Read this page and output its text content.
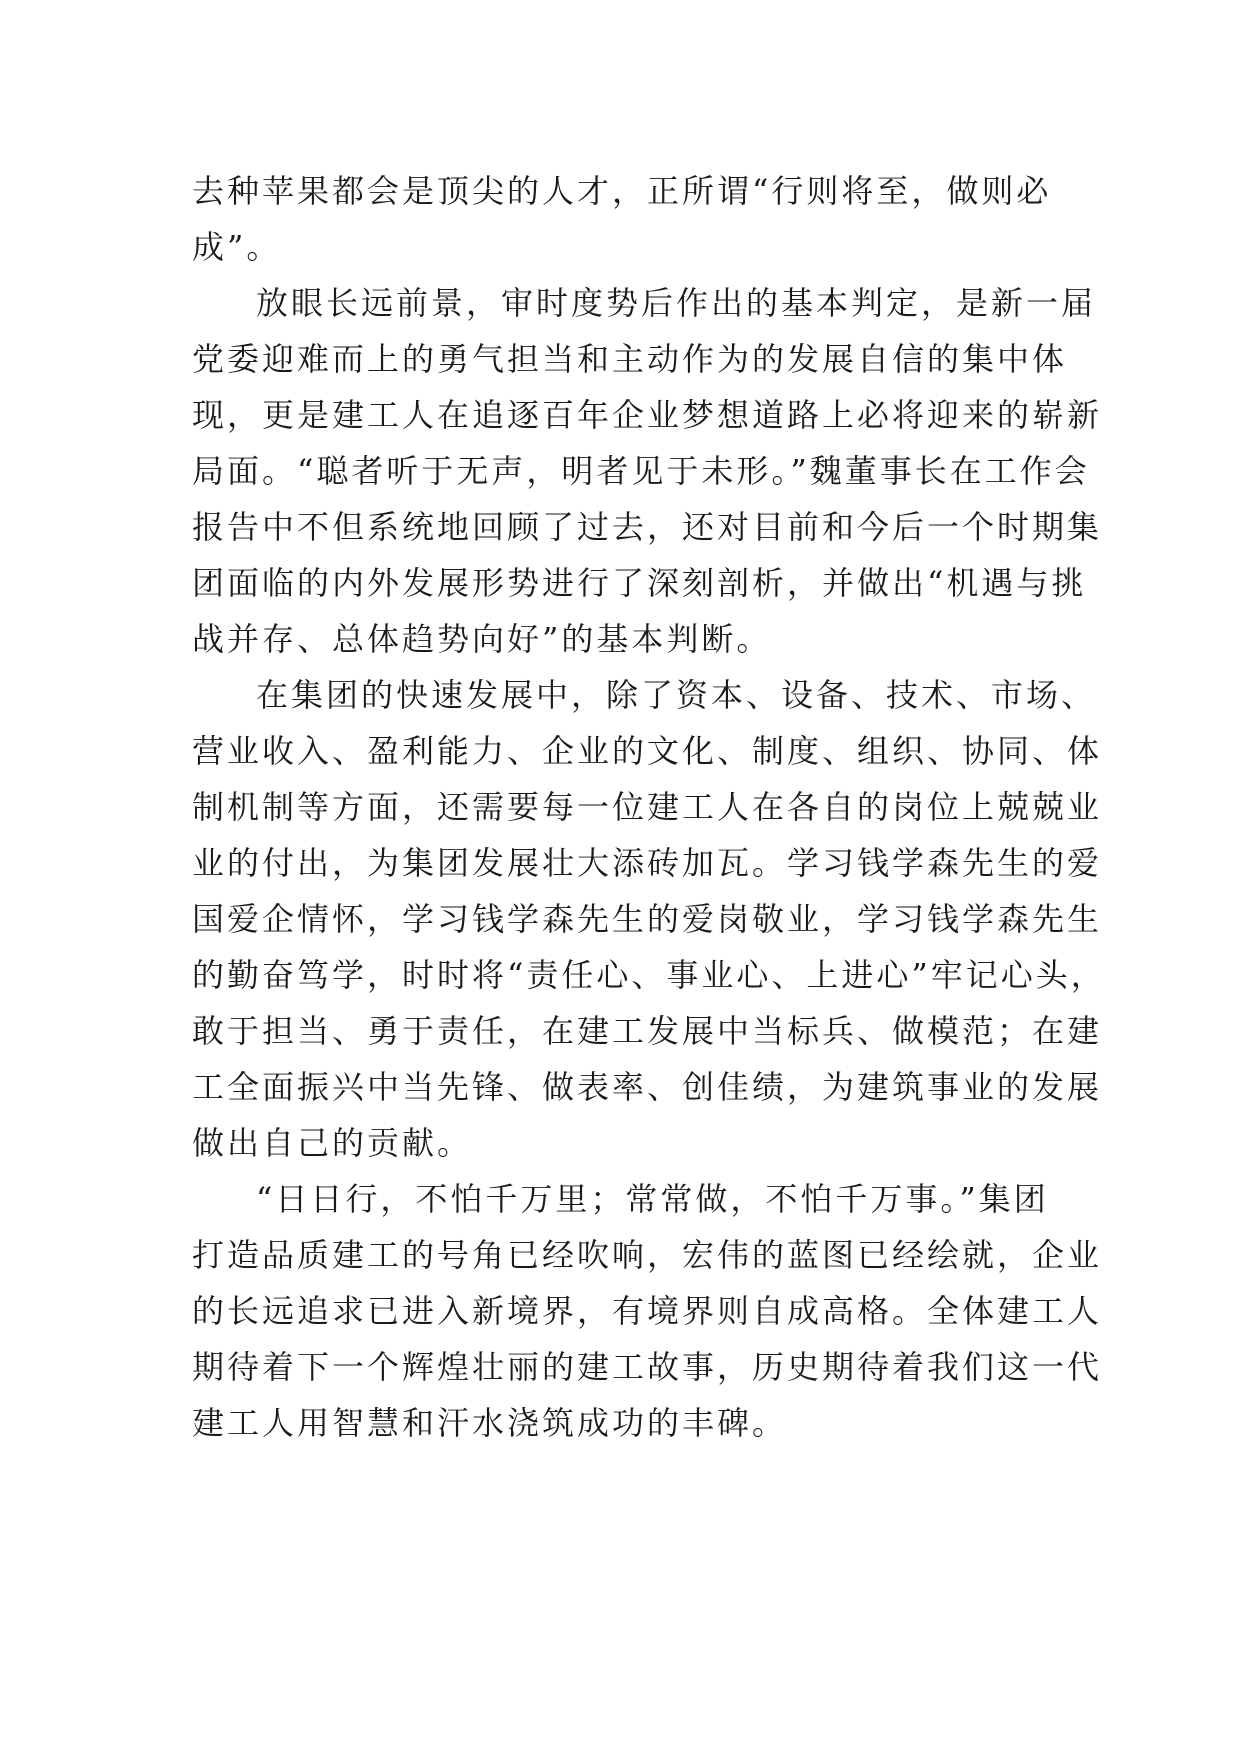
去种苹果都会是顶尖的人才，正所谓“行则将至，做则必
成”。
放眼长远前景，审时度势后作出的基本判定，是新一届
党委迎难而上的勇气担当和主动作为的发展自信的集中体
现，更是建工人在追逐百年企业梦想道路上必将迎来的崭新
局面。“聪者听于无声，明者见于未形。”魏董事长在工作会
报告中不但系统地回顾了过去，还对目前和今后一个时期集
团面临的内外发展形势进行了深刻剖析，并做出“机遇与挑
战并存、总体趋势向好”的基本判断。
在集团的快速发展中，除了资本、设备、技术、市场、
营业收入、盈利能力、企业的文化、制度、组织、协同、体
制机制等方面，还需要每一位建工人在各自的岗位上兢兢业
业的付出，为集团发展壮大添砖加瓦。学习钱学森先生的爱
国爱企情怀，学习钱学森先生的爱岗敬业，学习钱学森先生
的勤奋笃学，时时将“责任心、事业心、上进心”牢记心头，
敢于担当、勇于责任，在建工发展中当标兵、做模范；在建
工全面振兴中当先锋、做表率、创佳绩，为建筑事业的发展
做出自己的贡献。
“日日行，不怕千万里；常常做，不怕千万事。”集团
打造品质建工的号角已经吹响，宏伟的蓝图已经绘就，企业
的长远追求已进入新境界，有境界则自成高格。全体建工人
期待着下一个辉煌壮丽的建工故事，历史期待着我们这一代
建工人用智慧和汗水浇筑成功的丰碑。
